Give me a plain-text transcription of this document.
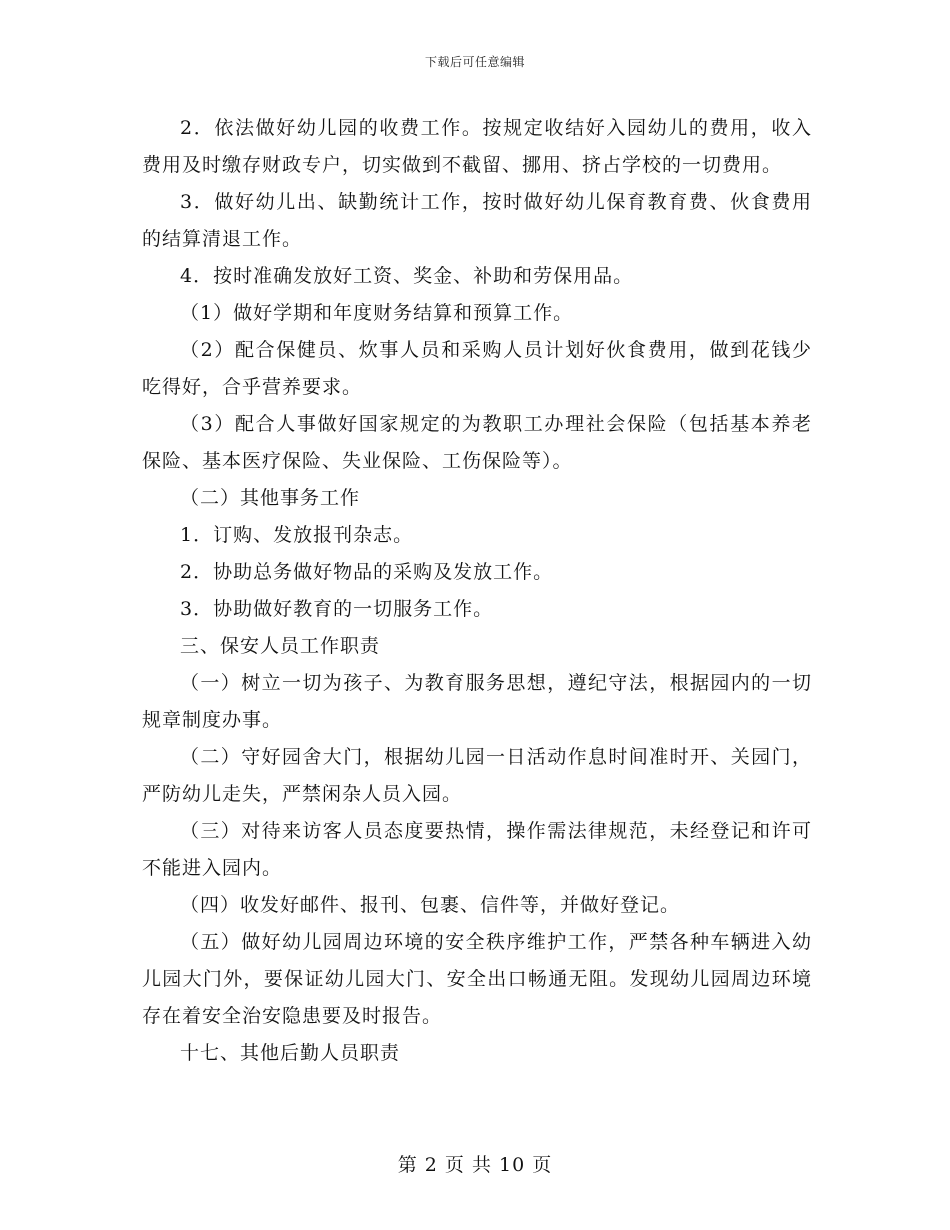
下载后可任意编辑

2．依法做好幼儿园的收费工作。按规定收结好入园幼儿的费用，收入费用及时缴存财政专户，切实做到不截留、挪用、挤占学校的一切费用。

3．做好幼儿出、缺勤统计工作，按时做好幼儿保育教育费、伙食费用的结算清退工作。

4．按时准确发放好工资、奖金、补助和劳保用品。

（1）做好学期和年度财务结算和预算工作。

（2）配合保健员、炊事人员和采购人员计划好伙食费用，做到花钱少吃得好，合乎营养要求。

（3）配合人事做好国家规定的为教职工办理社会保险（包括基本养老保险、基本医疗保险、失业保险、工伤保险等）。

（二）其他事务工作

1．订购、发放报刊杂志。

2．协助总务做好物品的采购及发放工作。

3．协助做好教育的一切服务工作。

三、保安人员工作职责

（一）树立一切为孩子、为教育服务思想，遵纪守法，根据园内的一切规章制度办事。

（二）守好园舍大门，根据幼儿园一日活动作息时间准时开、关园门，严防幼儿走失，严禁闲杂人员入园。

（三）对待来访客人员态度要热情，操作需法律规范，未经登记和许可不能进入园内。

（四）收发好邮件、报刊、包裹、信件等，并做好登记。

（五）做好幼儿园周边环境的安全秩序维护工作，严禁各种车辆进入幼儿园大门外，要保证幼儿园大门、安全出口畅通无阻。发现幼儿园周边环境存在着安全治安隐患要及时报告。

十七、其他后勤人员职责

第 2 页 共 10 页
